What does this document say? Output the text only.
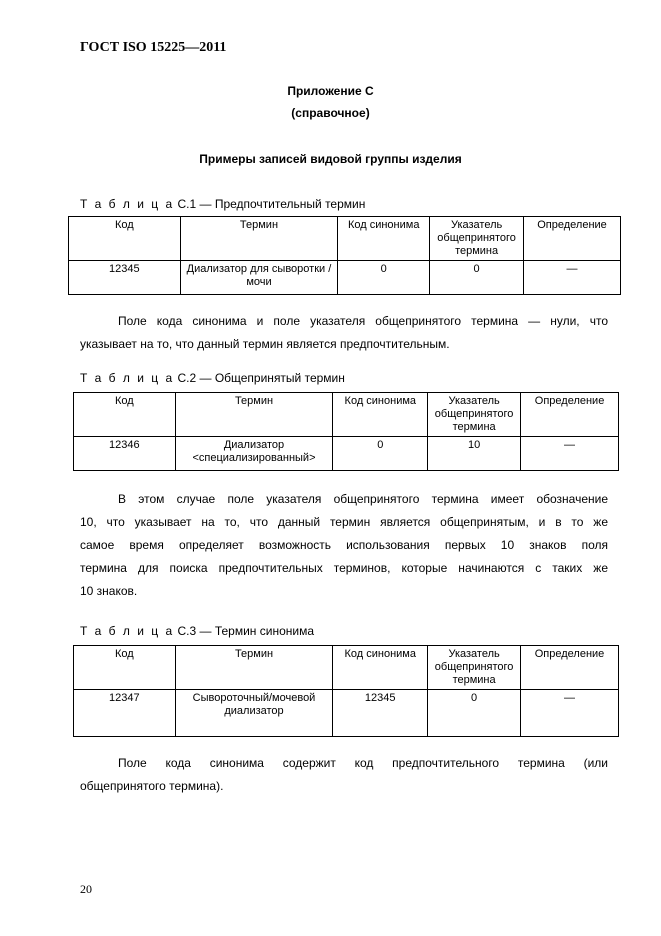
ГОСТ ISO 15225—2011
Приложение С
(справочное)
Примеры записей видовой группы изделия
Т а б л и ц а С.1 — Предпочтительный термин
Код	Термин	Код синонима	Указатель общепринятого термина	Определение
12345	Диализатор для сыворотки / мочи	0	0	—
Поле кода синонима и поле указателя общепринятого термина — нули, что
указывает на то, что данный термин является предпочтительным.
Т а б л и ц а С.2 — Общепринятый термин
Код	Термин	Код синонима	Указатель общепринятого термина	Определение
12346	Диализатор <специализированный>	0	10	—
В этом случае поле указателя общепринятого термина имеет обозначение
10, что указывает на то, что данный термин является общепринятым, и в то же
самое время определяет возможность использования первых 10 знаков поля
термина для поиска предпочтительных терминов, которые начинаются с таких же
10 знаков.
Т а б л и ц а С.3 — Термин синонима
Код	Термин	Код синонима	Указатель общепринятого термина	Определение
12347	Сывороточный/мочевой диализатор	12345	0	—
Поле кода синонима содержит код предпочтительного термина (или
общепринятого термина).
20
